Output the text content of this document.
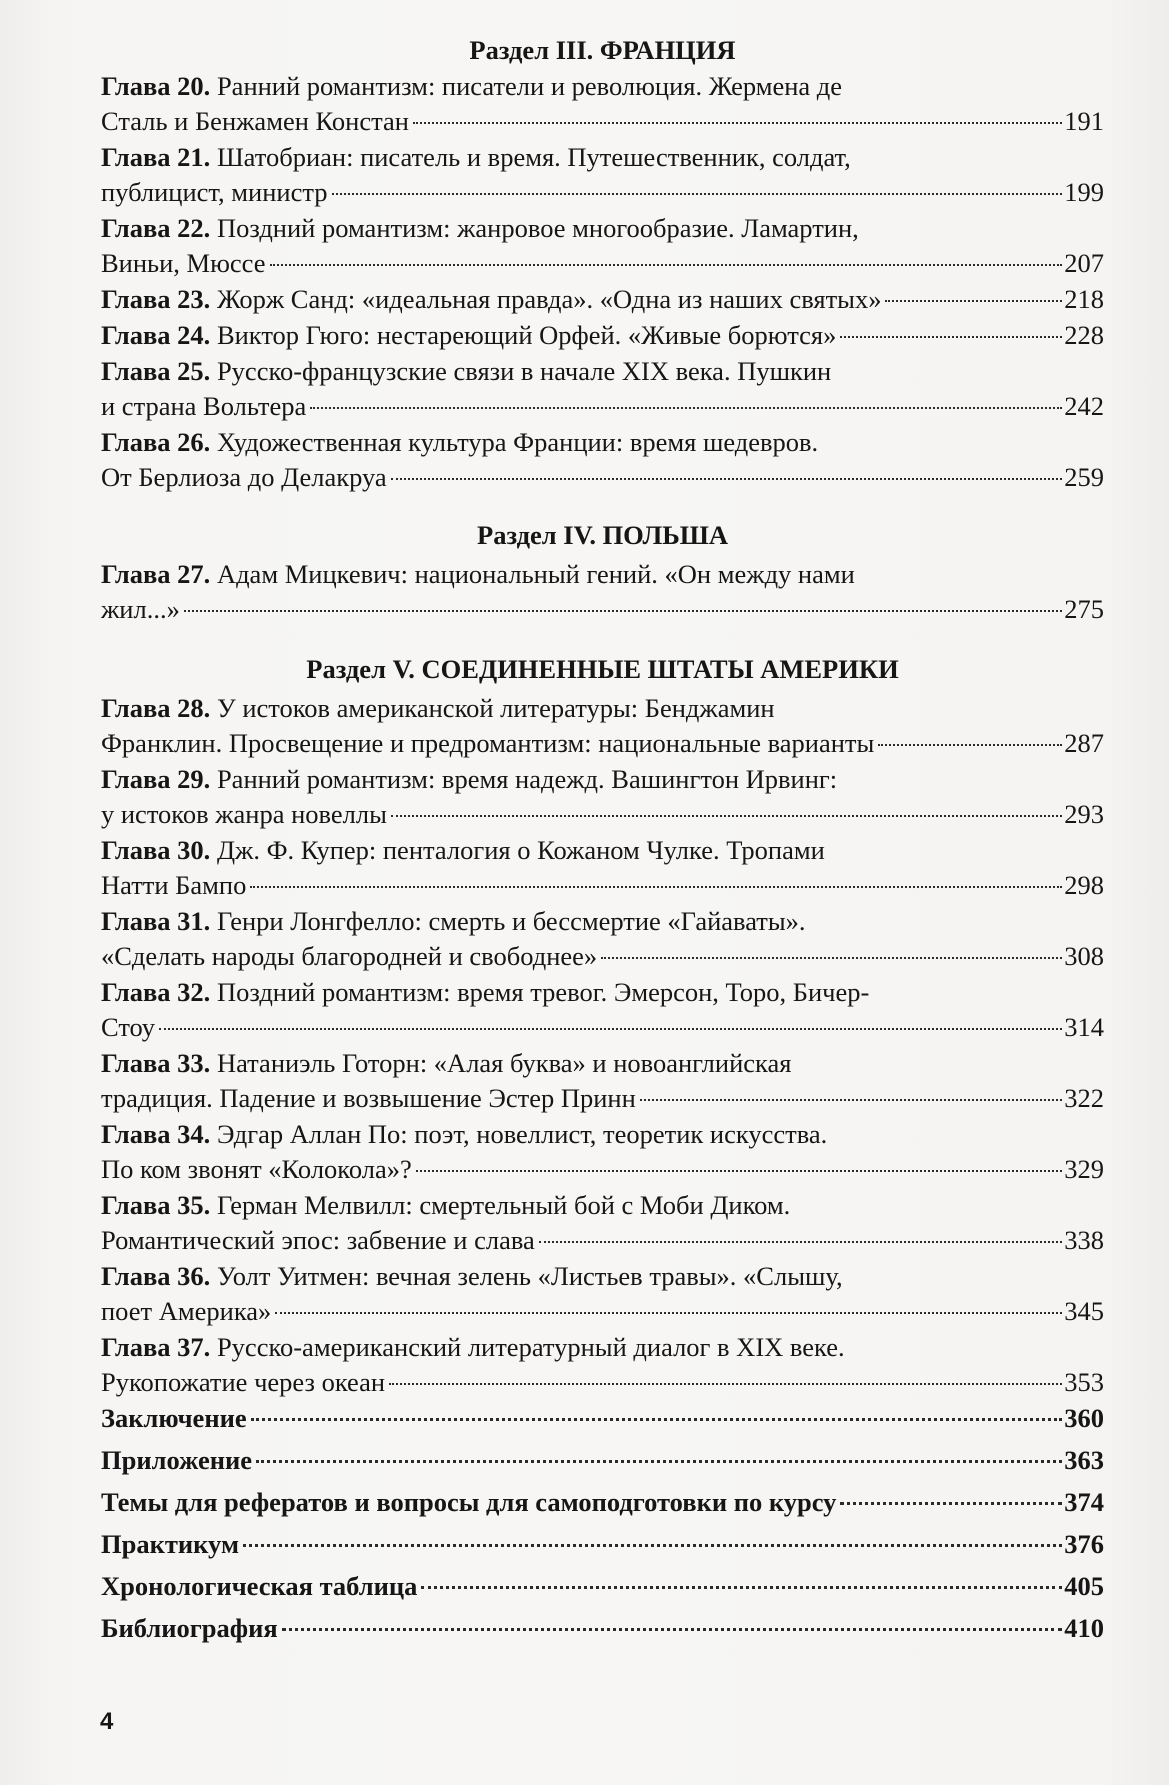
Раздел III. ФРАНЦИЯ
Глава 20.
Ранний романтизм: писатели и революция. Жермена де
Сталь и Бенжамен Констан	191
Глава 21.
Шатобриан: писатель и время. Путешественник, солдат,
публицист, министр	199
Глава 22.
Поздний романтизм: жанровое многообразие. Ламартин,
Виньи, Мюссе	207
Глава 23.
Жорж Санд: «идеальная правда». «Одна из наших святых»	218
Глава 24.
Виктор Гюго: нестареющий Орфей. «Живые борются»	228
Глава 25.
Русско-французские связи в начале XIX века. Пушкин
и страна Вольтера	242
Глава 26.
Художественная культура Франции: время шедевров.
От Берлиоза до Делакруа	259
Раздел IV. ПОЛЬША
Глава 27.
Адам Мицкевич: национальный гений. «Он между нами
жил...»	275
Раздел V. СОЕДИНЕННЫЕ ШТАТЫ АМЕРИКИ
Глава 28.
У истоков американской литературы: Бенджамин
Франклин. Просвещение и предромантизм: национальные варианты	287
Глава 29.
Ранний романтизм: время надежд. Вашингтон Ирвинг:
у истоков жанра новеллы	293
Глава 30.
Дж. Ф. Купер: пенталогия о Кожаном Чулке. Тропами
Натти Бампо	298
Глава 31.
Генри Лонгфелло: смерть и бессмертие «Гайаваты».
«Сделать народы благородней и свободнее»	308
Глава 32.
Поздний романтизм: время тревог. Эмерсон, Торо, Бичер-
Стоу	314
Глава 33.
Натаниэль Готорн: «Алая буква» и новоанглийская
традиция. Падение и возвышение Эстер Принн	322
Глава 34.
Эдгар Аллан По: поэт, новеллист, теоретик искусства.
По ком звонят «Колокола»?	329
Глава 35.
Герман Мелвилл: смертельный бой с Моби Диком.
Романтический эпос: забвение и слава	338
Глава 36.
Уолт Уитмен: вечная зелень «Листьев травы». «Слышу,
поет Америка»	345
Глава 37.
Русско-американский литературный диалог в XIX веке.
Рукопожатие через океан	353
Заключение	360
Приложение	363
Темы для рефератов и вопросы для самоподготовки по курсу	374
Практикум	376
Хронологическая таблица	405
Библиография	410
4
